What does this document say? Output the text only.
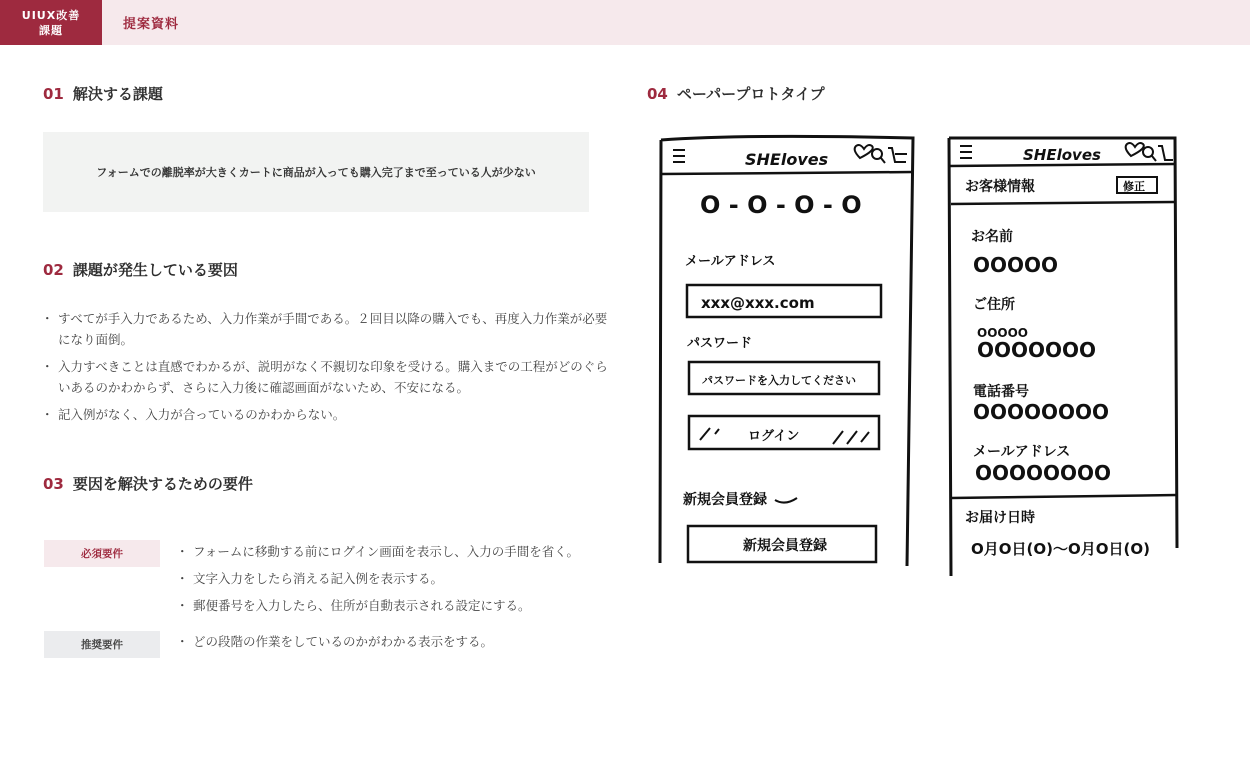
UIUX改善
課題	提案資料
01 解決する課題
フォームでの離脱率が大きくカートに商品が入っても購入完了まで至っている人が少ない
02 課題が発生している要因
・ すべてが手入力であるため、入力作業が手間である。２回目以降の購入でも、再度入力作業が必要になり面倒。
・ 入力すべきことは直感でわかるが、説明がなく不親切な印象を受ける。購入までの工程がどのぐらいあるのかわからず、さらに入力後に確認画面がないため、不安になる。
・ 記入例がなく、入力が合っているのかわからない。
03 要因を解決するための要件
必須要件	・ フォームに移動する前にログイン画面を表示し、入力の手間を省く。
・ 文字入力をしたら消える記入例を表示する。
・ 郵便番号を入力したら、住所が自動表示される設定にする。
推奨要件	・ どの段階の作業をしているのかがわかる表示をする。
04 ペーパープロトタイプ
SHEloves
O - O - O - O
メールアドレス
xxx@xxx.com
パスワード
パスワードを入力してください
ログイン
新規会員登録
新規会員登録
SHEloves
お客様情報	修正
お名前
OOOOO
ご住所
OOOOO
OOOOOOO
電話番号
OOOOOOOO
メールアドレス
OOOOOOOO
お届け日時
O月O日(O)〜O月O日(O)
